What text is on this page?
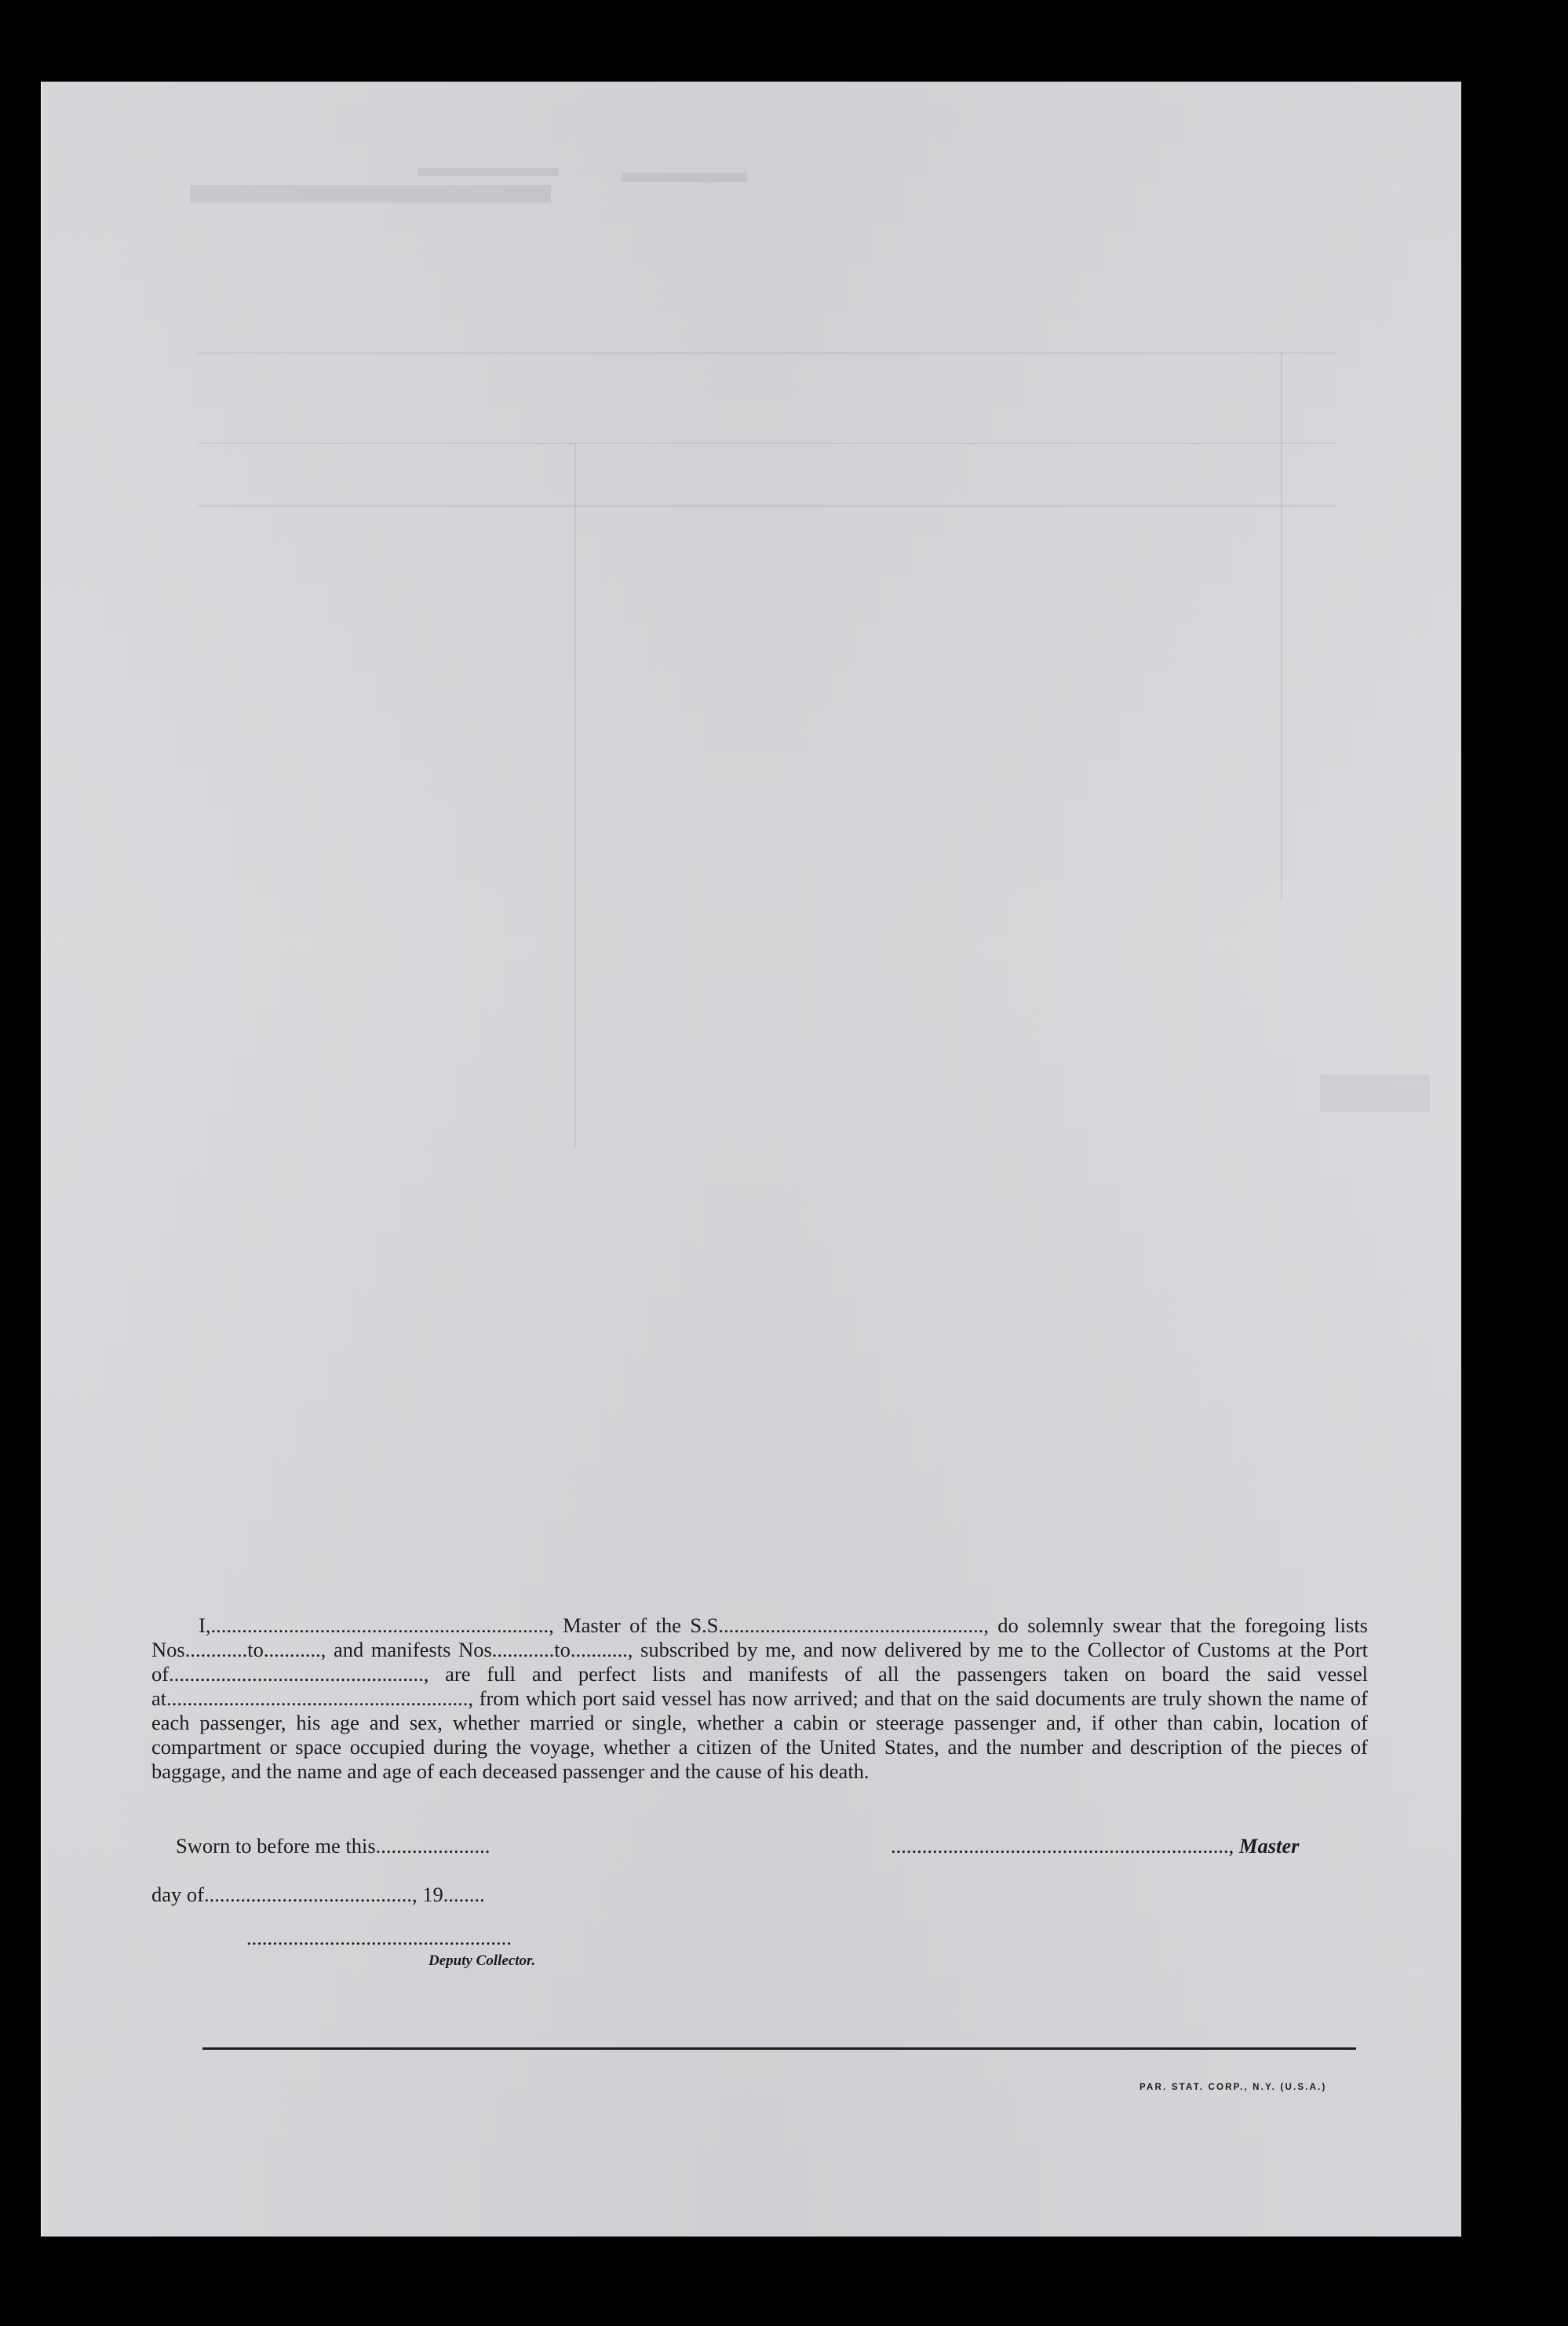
I,................................................................., Master of the S.S..................................................., do solemnly swear that the foregoing lists Nos............to..........., and manifests Nos............to..........., subscribed by me, and now delivered by me to the Collector of Customs at the Port of................................................., are full and perfect lists and manifests of all the passengers taken on board the said vessel at.........................................................., from which port said vessel has now arrived; and that on the said documents are truly shown the name of each passenger, his age and sex, whether married or single, whether a cabin or steerage passenger and, if other than cabin, location of compartment or space occupied during the voyage, whether a citizen of the United States, and the number and description of the pieces of baggage, and the name and age of each deceased passenger and the cause of his death.

Sworn to before me this......................	................................................................., Master
day of........................................, 19........
...................................................
Deputy Collector.
PAR. STAT. CORP., N.Y. (U.S.A.)
